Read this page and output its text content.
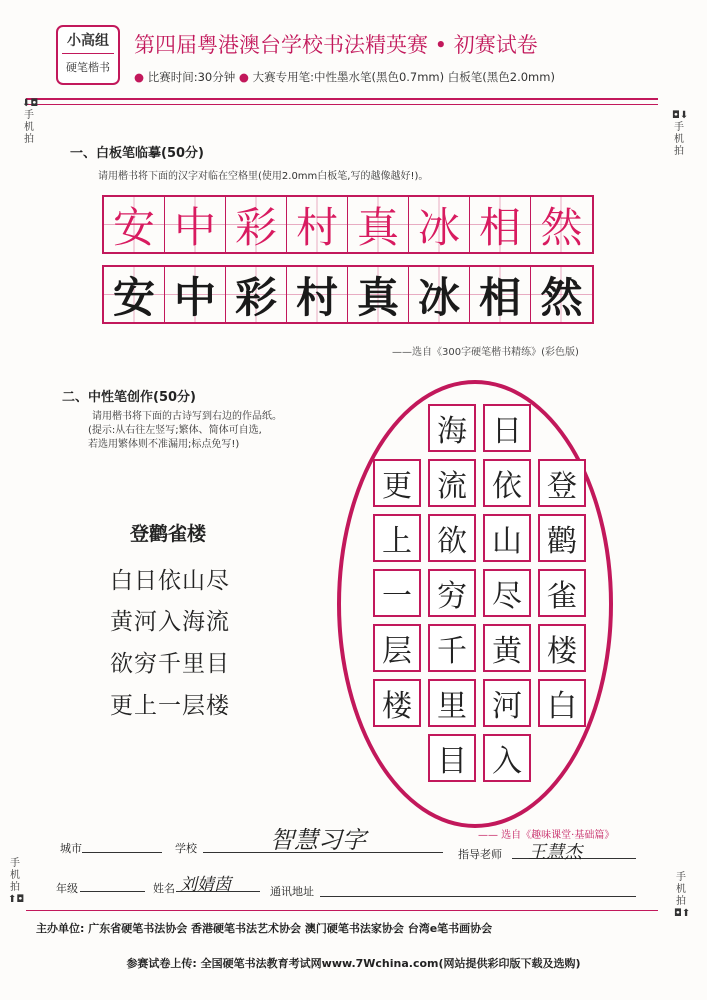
小高组
硬笔楷书
第四届粤港澳台学校书法精英赛 • 初赛试卷
● 比赛时间:30分钟 ● 大赛专用笔:中性墨水笔(黑色0.7mm) 白板笔(黑色2.0mm)
⬇◘
手机拍
◘⬇
手机拍
手机拍
⬆◘
手机拍
◘⬆
一、白板笔临摹(50分)
请用楷书将下面的汉字对临在空格里(使用2.0mm白板笔,写的越像越好!)。
安 中 彩 村 真 冰 相 然
安 中 彩 村 真 冰 相 然
——选自《300字硬笔楷书精练》(彩色版)
二、中性笔创作(50分)
请用楷书将下面的古诗写到右边的作品纸。
(提示:从右往左竖写;繁体、简体可自选,
若选用繁体则不准漏用;标点免写!)
登鹳雀楼
白日依山尽
黄河入海流
欲穷千里目
更上一层楼
登
鹳
雀
楼
白
日
依
山
尽
黄
河
入
海
流
欲
穷
千
里
目
更
上
一
层
楼
—— 选自《趣味课堂·基础篇》
城市	学校	智慧习字
指导老师 王慧杰
年级	姓名 刘婧茵	通讯地址
主办单位: 广东省硬笔书法协会 香港硬笔书法艺术协会 澳门硬笔书法家协会 台湾e笔书画协会
参赛试卷上传: 全国硬笔书法教育考试网www.7Wchina.com(网站提供彩印版下载及选购)
